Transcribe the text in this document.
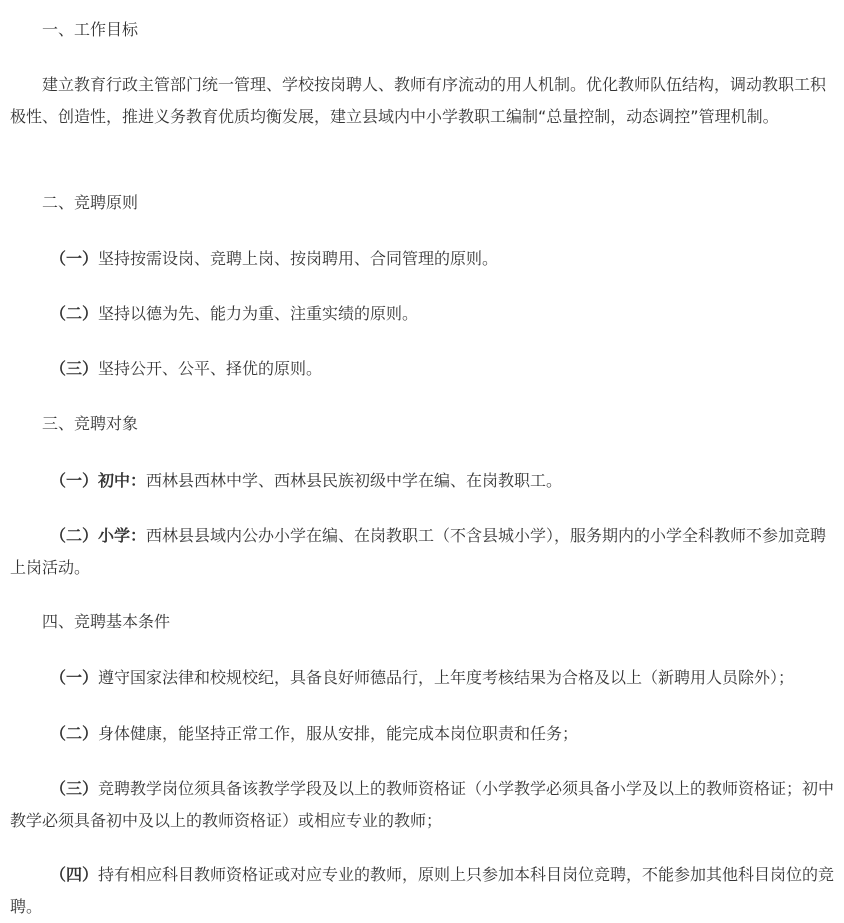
一、工作目标

建立教育行政主管部门统一管理、学校按岗聘人、教师有序流动的用人机制。优化教师队伍结构，调动教职工积极性、创造性，推进义务教育优质均衡发展，建立县域内中小学教职工编制“总量控制，动态调控”管理机制。

二、竞聘原则

（一）坚持按需设岗、竞聘上岗、按岗聘用、合同管理的原则。

（二）坚持以德为先、能力为重、注重实绩的原则。

（三）坚持公开、公平、择优的原则。

三、竞聘对象

（一）初中：西林县西林中学、西林县民族初级中学在编、在岗教职工。

（二）小学：西林县县域内公办小学在编、在岗教职工（不含县城小学），服务期内的小学全科教师不参加竞聘上岗活动。

四、竞聘基本条件

（一）遵守国家法律和校规校纪，具备良好师德品行，上年度考核结果为合格及以上（新聘用人员除外）；

（二）身体健康，能坚持正常工作，服从安排，能完成本岗位职责和任务；

（三）竞聘教学岗位须具备该教学学段及以上的教师资格证（小学教学必须具备小学及以上的教师资格证；初中教学必须具备初中及以上的教师资格证）或相应专业的教师；

（四）持有相应科目教师资格证或对应专业的教师，原则上只参加本科目岗位竞聘，不能参加其他科目岗位的竞聘。
